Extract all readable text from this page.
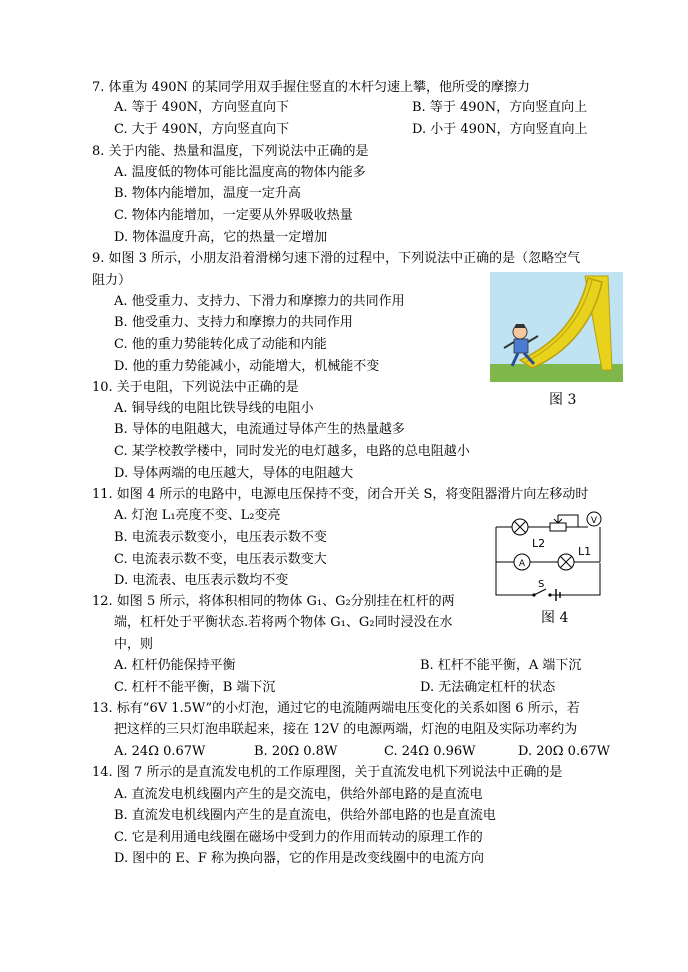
7. 体重为 490N 的某同学用双手握住竖直的木杆匀速上攀，他所受的摩擦力
A. 等于 490N，方向竖直向下	B. 等于 490N，方向竖直向上
C. 大于 490N，方向竖直向下	D. 小于 490N，方向竖直向上
8. 关于内能、热量和温度，下列说法中正确的是
A. 温度低的物体可能比温度高的物体内能多
B. 物体内能增加，温度一定升高
C. 物体内能增加，一定要从外界吸收热量
D. 物体温度升高，它的热量一定增加
9. 如图 3 所示，小朋友沿着滑梯匀速下滑的过程中，下列说法中正确的是（忽略空气
阻力）
A. 他受重力、支持力、下滑力和摩擦力的共同作用
B. 他受重力、支持力和摩擦力的共同作用
C. 他的重力势能转化成了动能和内能
D. 他的重力势能减小，动能增大，机械能不变
图 3
10. 关于电阻，下列说法中正确的是
A. 铜导线的电阻比铁导线的电阻小
B. 导体的电阻越大，电流通过导体产生的热量越多
C. 某学校教学楼中，同时发光的电灯越多，电路的总电阻越小
D. 导体两端的电压越大，导体的电阻越大
11. 如图 4 所示的电路中，电源电压保持不变，闭合开关 S，将变阻器滑片向左移动时
A. 灯泡 L₁亮度不变、L₂变亮
B. 电流表示数变小，电压表示数不变
C. 电流表示数不变，电压表示数变大
D. 电流表、电压表示数均不变
V
A
L2
L1
S
图 4
12. 如图 5 所示，将体积相同的物体 G₁、G₂分别挂在杠杆的两
端，杠杆处于平衡状态.若将两个物体 G₁、G₂同时浸没在水
中，则
A. 杠杆仍能保持平衡	B. 杠杆不能平衡，A 端下沉
C. 杠杆不能平衡，B 端下沉	D. 无法确定杠杆的状态
13. 标有“6V 1.5W”的小灯泡，通过它的电流随两端电压变化的关系如图 6 所示，若
把这样的三只灯泡串联起来，接在 12V 的电源两端，灯泡的电阻及实际功率约为
A. 24Ω 0.67W	B. 20Ω 0.8W	C. 24Ω 0.96W	D. 20Ω 0.67W
14. 图 7 所示的是直流发电机的工作原理图，关于直流发电机下列说法中正确的是
A. 直流发电机线圈内产生的是交流电，供给外部电路的是直流电
B. 直流发电机线圈内产生的是直流电，供给外部电路的也是直流电
C. 它是利用通电线圈在磁场中受到力的作用而转动的原理工作的
D. 图中的 E、F 称为换向器，它的作用是改变线圈中的电流方向
